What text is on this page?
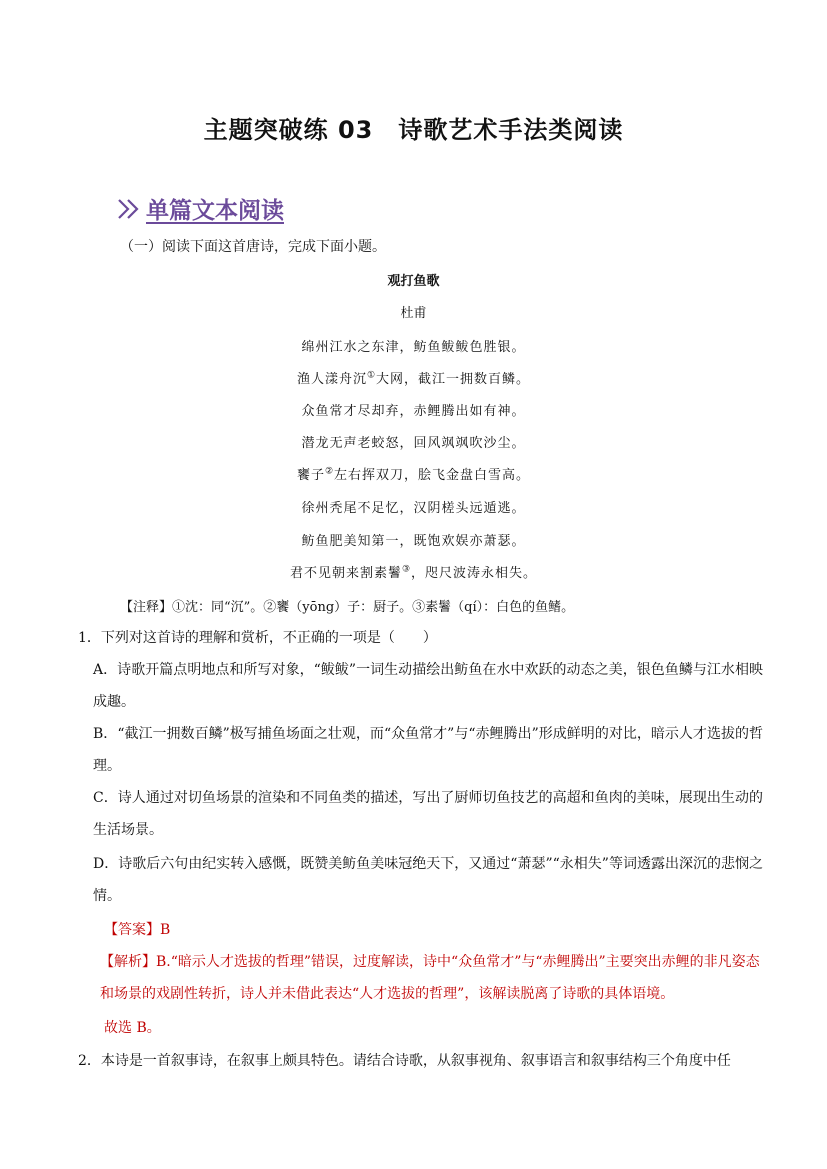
主题突破练 03　诗歌艺术手法类阅读
单篇文本阅读
（一）阅读下面这首唐诗，完成下面小题。
观打鱼歌
杜甫
绵州江水之东津，鲂鱼鲅鲅色胜银。
渔人漾舟沉①大网，截江一拥数百鳞。
众鱼常才尽却弃，赤鲤腾出如有神。
潜龙无声老蛟怒，回风飒飒吹沙尘。
饔子②左右挥双刀，脍飞金盘白雪高。
徐州秃尾不足忆，汉阴槎头远遁逃。
鲂鱼肥美知第一，既饱欢娱亦萧瑟。
君不见朝来割素鬐③，咫尺波涛永相失。
【注释】①沈：同“沉”。②饔（yōng）子：厨子。③素鬐（qí）：白色的鱼鳍。
1．下列对这首诗的理解和赏析，不正确的一项是（　　）
A．诗歌开篇点明地点和所写对象，“鲅鲅”一词生动描绘出鲂鱼在水中欢跃的动态之美，银色鱼鳞与江水相映成趣。
B．“截江一拥数百鳞”极写捕鱼场面之壮观，而“众鱼常才”与“赤鲤腾出”形成鲜明的对比，暗示人才选拔的哲理。
C．诗人通过对切鱼场景的渲染和不同鱼类的描述，写出了厨师切鱼技艺的高超和鱼肉的美味，展现出生动的生活场景。
D．诗歌后六句由纪实转入感慨，既赞美鲂鱼美味冠绝天下，又通过“萧瑟”“永相失”等词透露出深沉的悲悯之情。
【答案】B
【解析】B.“暗示人才选拔的哲理”错误，过度解读，诗中“众鱼常才”与“赤鲤腾出”主要突出赤鲤的非凡姿态和场景的戏剧性转折，诗人并未借此表达“人才选拔的哲理”，该解读脱离了诗歌的具体语境。
故选 B。
2．本诗是一首叙事诗，在叙事上颇具特色。请结合诗歌，从叙事视角、叙事语言和叙事结构三个角度中任
